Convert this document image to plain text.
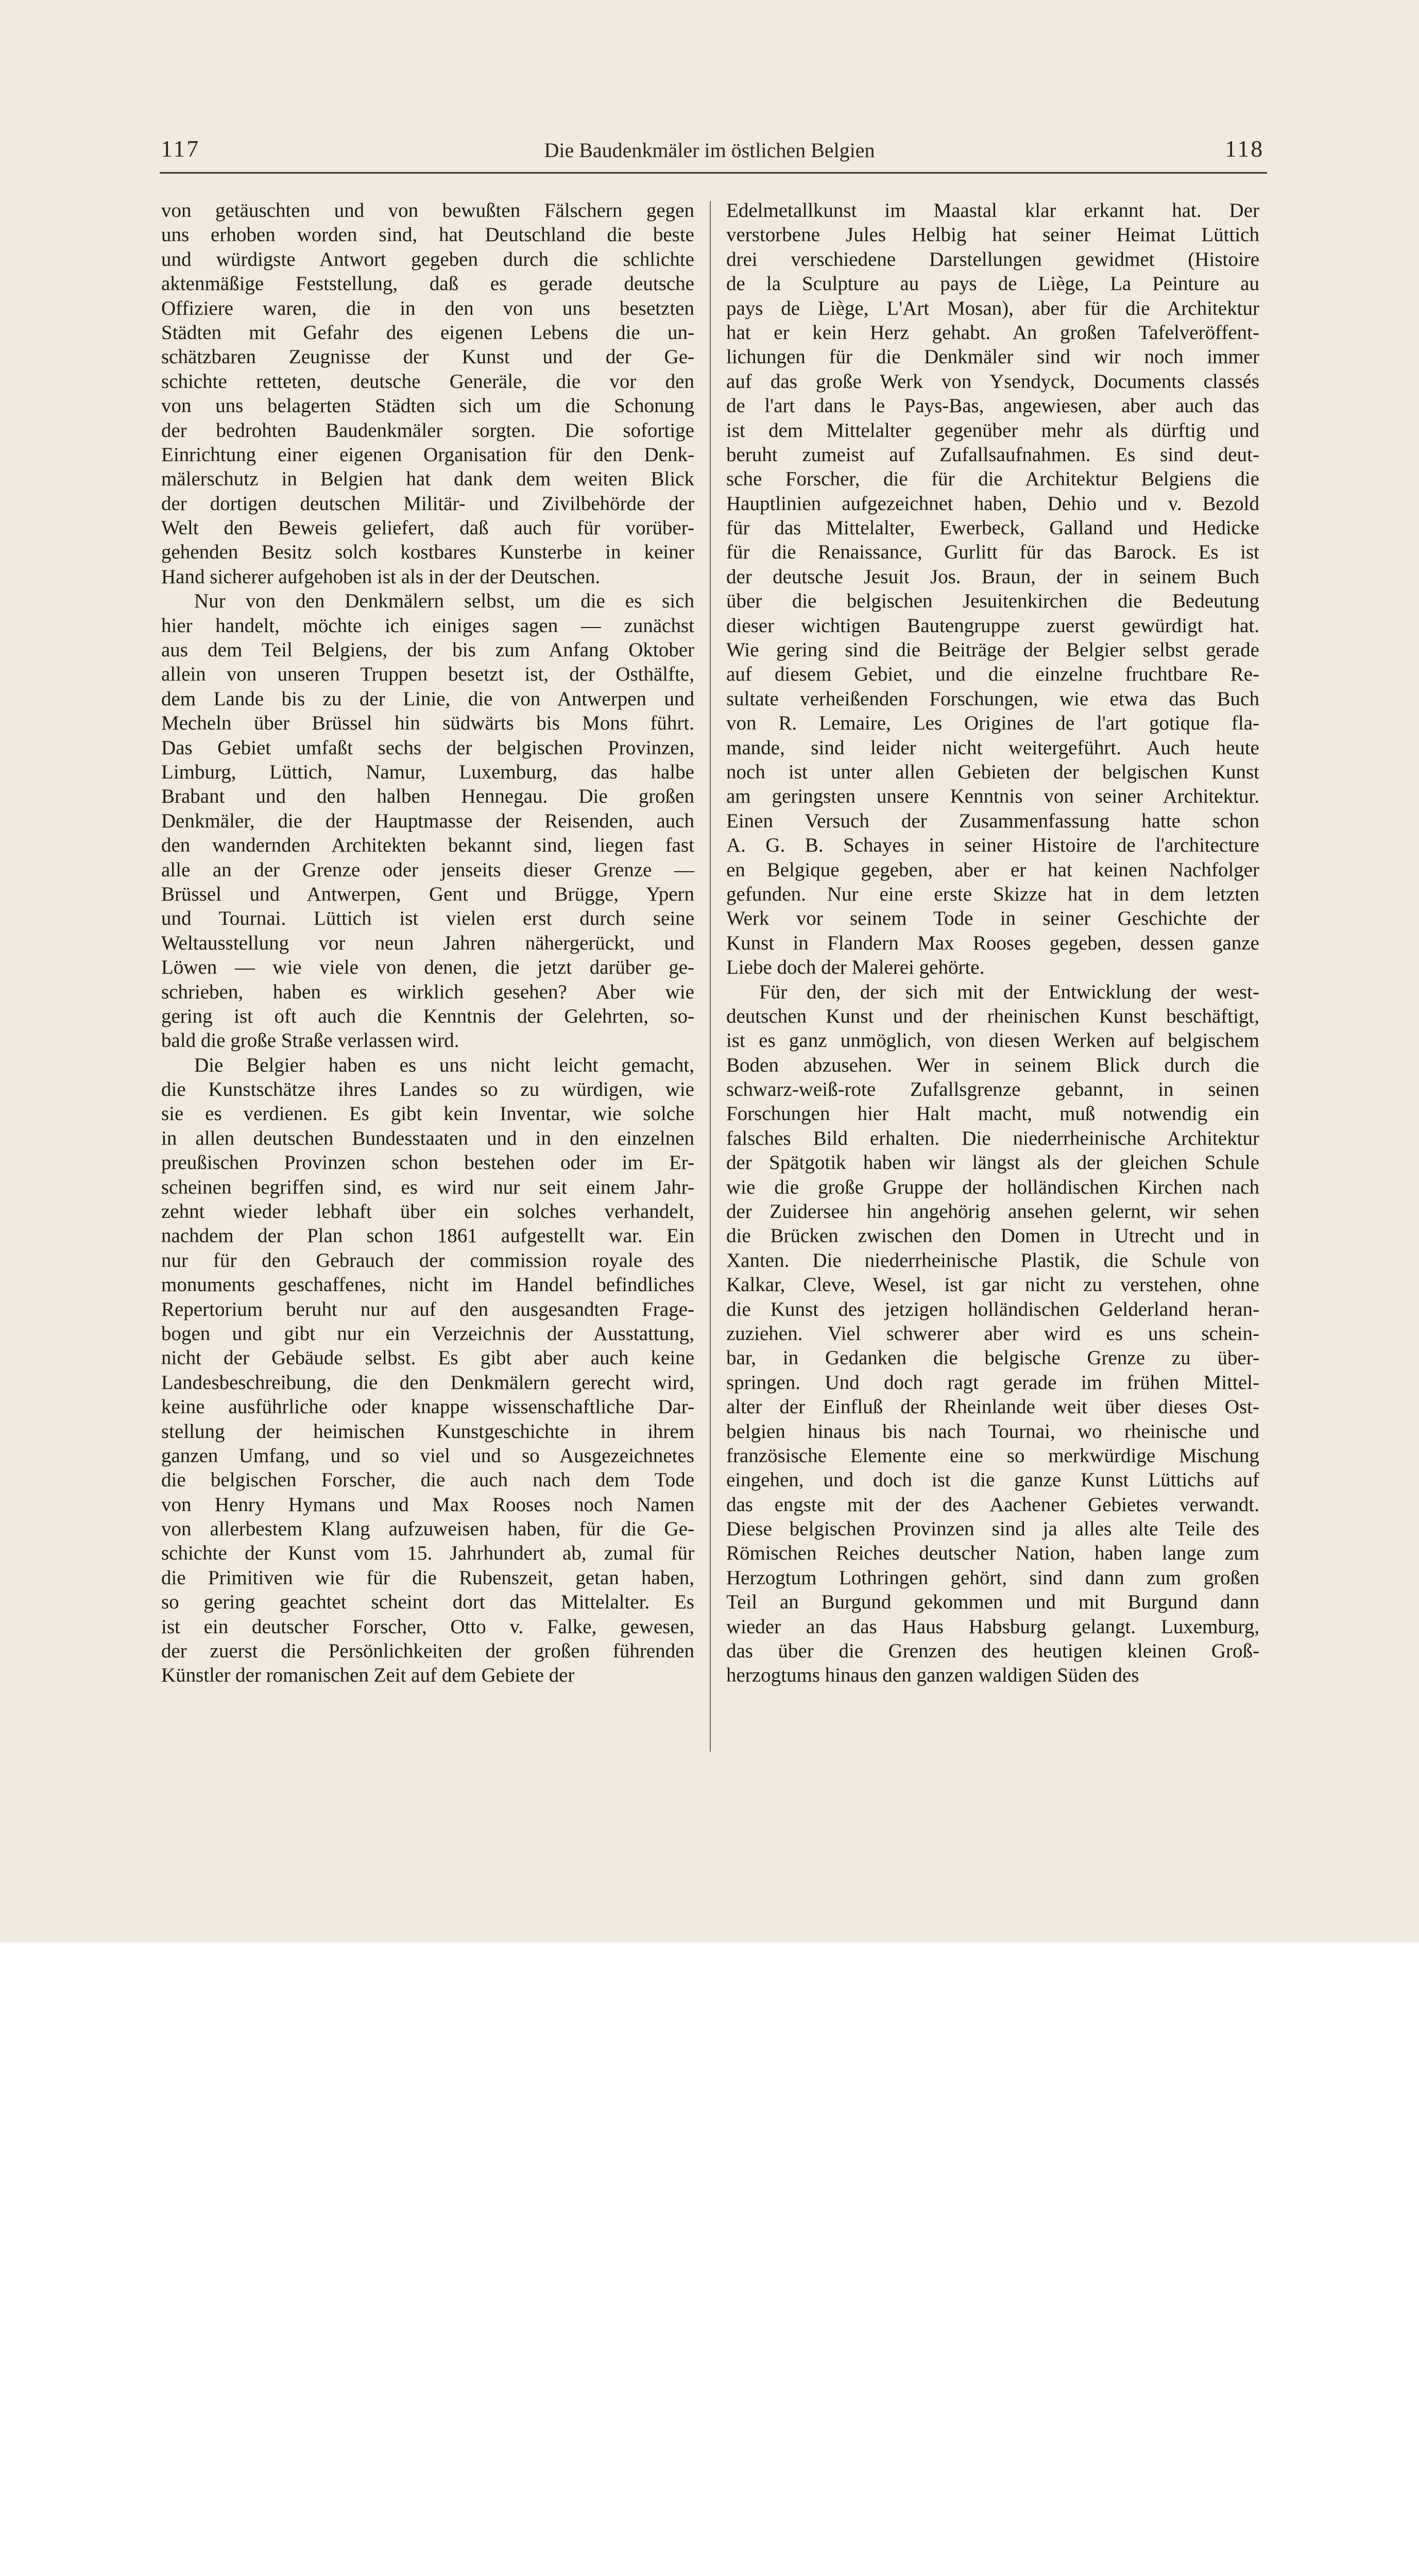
117	Die Baudenkmäler im östlichen Belgien	118
von getäuschten und von bewußten Fälschern gegen
uns erhoben worden sind, hat Deutschland die beste
und würdigste Antwort gegeben durch die schlichte
aktenmäßige Feststellung, daß es gerade deutsche
Offiziere waren, die in den von uns besetzten
Städten mit Gefahr des eigenen Lebens die un-
schätzbaren Zeugnisse der Kunst und der Ge-
schichte retteten, deutsche Generäle, die vor den
von uns belagerten Städten sich um die Schonung
der bedrohten Baudenkmäler sorgten. Die sofortige
Einrichtung einer eigenen Organisation für den Denk-
mälerschutz in Belgien hat dank dem weiten Blick
der dortigen deutschen Militär- und Zivilbehörde der
Welt den Beweis geliefert, daß auch für vorüber-
gehenden Besitz solch kostbares Kunsterbe in keiner
Hand sicherer aufgehoben ist als in der der Deutschen.
Nur von den Denkmälern selbst, um die es sich
hier handelt, möchte ich einiges sagen — zunächst
aus dem Teil Belgiens, der bis zum Anfang Oktober
allein von unseren Truppen besetzt ist, der Osthälfte,
dem Lande bis zu der Linie, die von Antwerpen und
Mecheln über Brüssel hin südwärts bis Mons führt.
Das Gebiet umfaßt sechs der belgischen Provinzen,
Limburg, Lüttich, Namur, Luxemburg, das halbe
Brabant und den halben Hennegau. Die großen
Denkmäler, die der Hauptmasse der Reisenden, auch
den wandernden Architekten bekannt sind, liegen fast
alle an der Grenze oder jenseits dieser Grenze —
Brüssel und Antwerpen, Gent und Brügge, Ypern
und Tournai. Lüttich ist vielen erst durch seine
Weltausstellung vor neun Jahren nähergerückt, und
Löwen — wie viele von denen, die jetzt darüber ge-
schrieben, haben es wirklich gesehen? Aber wie
gering ist oft auch die Kenntnis der Gelehrten, so-
bald die große Straße verlassen wird.
Die Belgier haben es uns nicht leicht gemacht,
die Kunstschätze ihres Landes so zu würdigen, wie
sie es verdienen. Es gibt kein Inventar, wie solche
in allen deutschen Bundesstaaten und in den einzelnen
preußischen Provinzen schon bestehen oder im Er-
scheinen begriffen sind, es wird nur seit einem Jahr-
zehnt wieder lebhaft über ein solches verhandelt,
nachdem der Plan schon 1861 aufgestellt war. Ein
nur für den Gebrauch der commission royale des
monuments geschaffenes, nicht im Handel befindliches
Repertorium beruht nur auf den ausgesandten Frage-
bogen und gibt nur ein Verzeichnis der Ausstattung,
nicht der Gebäude selbst. Es gibt aber auch keine
Landesbeschreibung, die den Denkmälern gerecht wird,
keine ausführliche oder knappe wissenschaftliche Dar-
stellung der heimischen Kunstgeschichte in ihrem
ganzen Umfang, und so viel und so Ausgezeichnetes
die belgischen Forscher, die auch nach dem Tode
von Henry Hymans und Max Rooses noch Namen
von allerbestem Klang aufzuweisen haben, für die Ge-
schichte der Kunst vom 15. Jahrhundert ab, zumal für
die Primitiven wie für die Rubenszeit, getan haben,
so gering geachtet scheint dort das Mittelalter. Es
ist ein deutscher Forscher, Otto v. Falke, gewesen,
der zuerst die Persönlichkeiten der großen führenden
Künstler der romanischen Zeit auf dem Gebiete der
Edelmetallkunst im Maastal klar erkannt hat. Der
verstorbene Jules Helbig hat seiner Heimat Lüttich
drei verschiedene Darstellungen gewidmet (Histoire
de la Sculpture au pays de Liège, La Peinture au
pays de Liège, L'Art Mosan), aber für die Architektur
hat er kein Herz gehabt. An großen Tafelveröffent-
lichungen für die Denkmäler sind wir noch immer
auf das große Werk von Ysendyck, Documents classés
de l'art dans le Pays-Bas, angewiesen, aber auch das
ist dem Mittelalter gegenüber mehr als dürftig und
beruht zumeist auf Zufallsaufnahmen. Es sind deut-
sche Forscher, die für die Architektur Belgiens die
Hauptlinien aufgezeichnet haben, Dehio und v. Bezold
für das Mittelalter, Ewerbeck, Galland und Hedicke
für die Renaissance, Gurlitt für das Barock. Es ist
der deutsche Jesuit Jos. Braun, der in seinem Buch
über die belgischen Jesuitenkirchen die Bedeutung
dieser wichtigen Bautengruppe zuerst gewürdigt hat.
Wie gering sind die Beiträge der Belgier selbst gerade
auf diesem Gebiet, und die einzelne fruchtbare Re-
sultate verheißenden Forschungen, wie etwa das Buch
von R. Lemaire, Les Origines de l'art gotique fla-
mande, sind leider nicht weitergeführt. Auch heute
noch ist unter allen Gebieten der belgischen Kunst
am geringsten unsere Kenntnis von seiner Architektur.
Einen Versuch der Zusammenfassung hatte schon
A. G. B. Schayes in seiner Histoire de l'architecture
en Belgique gegeben, aber er hat keinen Nachfolger
gefunden. Nur eine erste Skizze hat in dem letzten
Werk vor seinem Tode in seiner Geschichte der
Kunst in Flandern Max Rooses gegeben, dessen ganze
Liebe doch der Malerei gehörte.
Für den, der sich mit der Entwicklung der west-
deutschen Kunst und der rheinischen Kunst beschäftigt,
ist es ganz unmöglich, von diesen Werken auf belgischem
Boden abzusehen. Wer in seinem Blick durch die
schwarz-weiß-rote Zufallsgrenze gebannt, in seinen
Forschungen hier Halt macht, muß notwendig ein
falsches Bild erhalten. Die niederrheinische Architektur
der Spätgotik haben wir längst als der gleichen Schule
wie die große Gruppe der holländischen Kirchen nach
der Zuidersee hin angehörig ansehen gelernt, wir sehen
die Brücken zwischen den Domen in Utrecht und in
Xanten. Die niederrheinische Plastik, die Schule von
Kalkar, Cleve, Wesel, ist gar nicht zu verstehen, ohne
die Kunst des jetzigen holländischen Gelderland heran-
zuziehen. Viel schwerer aber wird es uns schein-
bar, in Gedanken die belgische Grenze zu über-
springen. Und doch ragt gerade im frühen Mittel-
alter der Einfluß der Rheinlande weit über dieses Ost-
belgien hinaus bis nach Tournai, wo rheinische und
französische Elemente eine so merkwürdige Mischung
eingehen, und doch ist die ganze Kunst Lüttichs auf
das engste mit der des Aachener Gebietes verwandt.
Diese belgischen Provinzen sind ja alles alte Teile des
Römischen Reiches deutscher Nation, haben lange zum
Herzogtum Lothringen gehört, sind dann zum großen
Teil an Burgund gekommen und mit Burgund dann
wieder an das Haus Habsburg gelangt. Luxemburg,
das über die Grenzen des heutigen kleinen Groß-
herzogtums hinaus den ganzen waldigen Süden des
